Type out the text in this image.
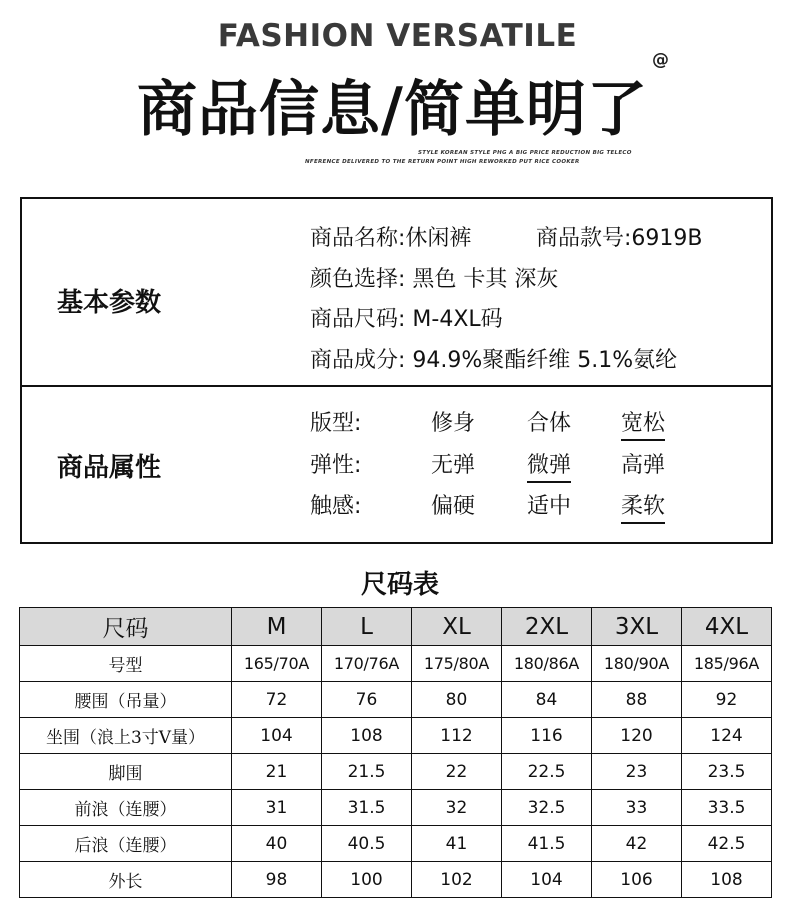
FASHION VERSATILE
商品信息/简单明了
@
STYLE KOREAN STYLE PHG A BIG PRICE REDUCTION BIG TELECO
NFERENCE DELIVERED TO THE RETURN POINT HIGH REWORKED PUT RICE COOKER
基本参数
商品名称:休闲裤	商品款号:6919B
颜色选择: 黑色 卡其 深灰
商品尺码: M-4XL码
商品成分: 94.9%聚酯纤维 5.1%氨纶
商品属性
版型:	修身 合体 宽松
弹性:	无弹 微弹 高弹
触感:	偏硬 适中 柔软
尺码表
尺码	M	L	XL	2XL	3XL	4XL
号型	165/70A	170/76A	175/80A	180/86A	180/90A	185/96A
腰围（吊量）	72	76	80	84	88	92
坐围（浪上3寸V量）	104	108	112	116	120	124
脚围	21	21.5	22	22.5	23	23.5
前浪（连腰）	31	31.5	32	32.5	33	33.5
后浪（连腰）	40	40.5	41	41.5	42	42.5
外长	98	100	102	104	106	108
